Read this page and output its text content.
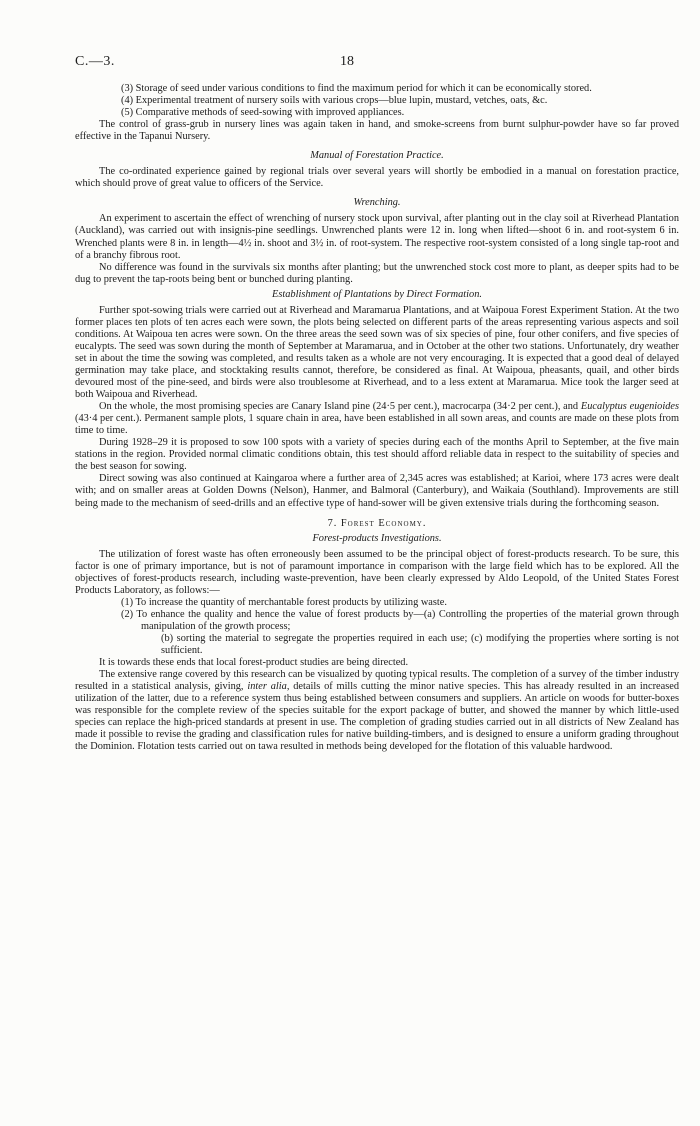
C.—3.	18

(3) Storage of seed under various conditions to find the maximum period for which it can be economically stored.

(4) Experimental treatment of nursery soils with various crops—blue lupin, mustard, vetches, oats, &c.

(5) Comparative methods of seed-sowing with improved appliances.

The control of grass-grub in nursery lines was again taken in hand, and smoke-screens from burnt sulphur-powder have so far proved effective in the Tapanui Nursery.

Manual of Forestation Practice.

The co-ordinated experience gained by regional trials over several years will shortly be embodied in a manual on forestation practice, which should prove of great value to officers of the Service.

Wrenching.

An experiment to ascertain the effect of wrenching of nursery stock upon survival, after planting out in the clay soil at Riverhead Plantation (Auckland), was carried out with insignis-pine seedlings. Unwrenched plants were 12 in. long when lifted—shoot 6 in. and root-system 6 in. Wrenched plants were 8 in. in length—4½ in. shoot and 3½ in. of root-system. The respective root-system consisted of a long single tap-root and of a branchy fibrous root.

No difference was found in the survivals six months after planting; but the unwrenched stock cost more to plant, as deeper spits had to be dug to prevent the tap-roots being bent or bunched during planting.

Establishment of Plantations by Direct Formation.

Further spot-sowing trials were carried out at Riverhead and Maramarua Plantations, and at Waipoua Forest Experiment Station. At the two former places ten plots of ten acres each were sown, the plots being selected on different parts of the areas representing various aspects and soil conditions. At Waipoua ten acres were sown. On the three areas the seed sown was of six species of pine, four other conifers, and five species of eucalypts. The seed was sown during the month of September at Maramarua, and in October at the other two stations. Unfortunately, dry weather set in about the time the sowing was completed, and results taken as a whole are not very encouraging. It is expected that a good deal of delayed germination may take place, and stocktaking results cannot, therefore, be considered as final. At Waipoua, pheasants, quail, and other birds devoured most of the pine-seed, and birds were also troublesome at Riverhead, and to a less extent at Maramarua. Mice took the larger seed at both Waipoua and Riverhead.

On the whole, the most promising species are Canary Island pine (24·5 per cent.), macrocarpa (34·2 per cent.), and Eucalyptus eugenioides (43·4 per cent.). Permanent sample plots, 1 square chain in area, have been established in all sown areas, and counts are made on these plots from time to time.

During 1928–29 it is proposed to sow 100 spots with a variety of species during each of the months April to September, at the five main stations in the region. Provided normal climatic conditions obtain, this test should afford reliable data in respect to the suitability of species and the best season for sowing.

Direct sowing was also continued at Kaingaroa where a further area of 2,345 acres was established; at Karioi, where 173 acres were dealt with; and on smaller areas at Golden Downs (Nelson), Hanmer, and Balmoral (Canterbury), and Waikaia (Southland). Improvements are still being made to the mechanism of seed-drills and an effective type of hand-sower will be given extensive trials during the forthcoming season.

7. Forest Economy.

Forest-products Investigations.

The utilization of forest waste has often erroneously been assumed to be the principal object of forest-products research. To be sure, this factor is one of primary importance, but is not of paramount importance in comparison with the large field which has to be explored. All the objectives of forest-products research, including waste-prevention, have been clearly expressed by Aldo Leopold, of the United States Forest Products Laboratory, as follows:—

(1) To increase the quantity of merchantable forest products by utilizing waste.

(2) To enhance the quality and hence the value of forest products by—(a) Controlling the properties of the material grown through manipulation of the growth process;

(b) sorting the material to segregate the properties required in each use; (c) modifying the properties where sorting is not sufficient.

It is towards these ends that local forest-product studies are being directed.

The extensive range covered by this research can be visualized by quoting typical results. The completion of a survey of the timber industry resulted in a statistical analysis, giving, inter alia, details of mills cutting the minor native species. This has already resulted in an increased utilization of the latter, due to a reference system thus being established between consumers and suppliers. An article on woods for butter-boxes was responsible for the complete review of the species suitable for the export package of butter, and showed the manner by which little-used species can replace the high-priced standards at present in use. The completion of grading studies carried out in all districts of New Zealand has made it possible to revise the grading and classification rules for native building-timbers, and is designed to ensure a uniform grading throughout the Dominion. Flotation tests carried out on tawa resulted in methods being developed for the flotation of this valuable hardwood.
